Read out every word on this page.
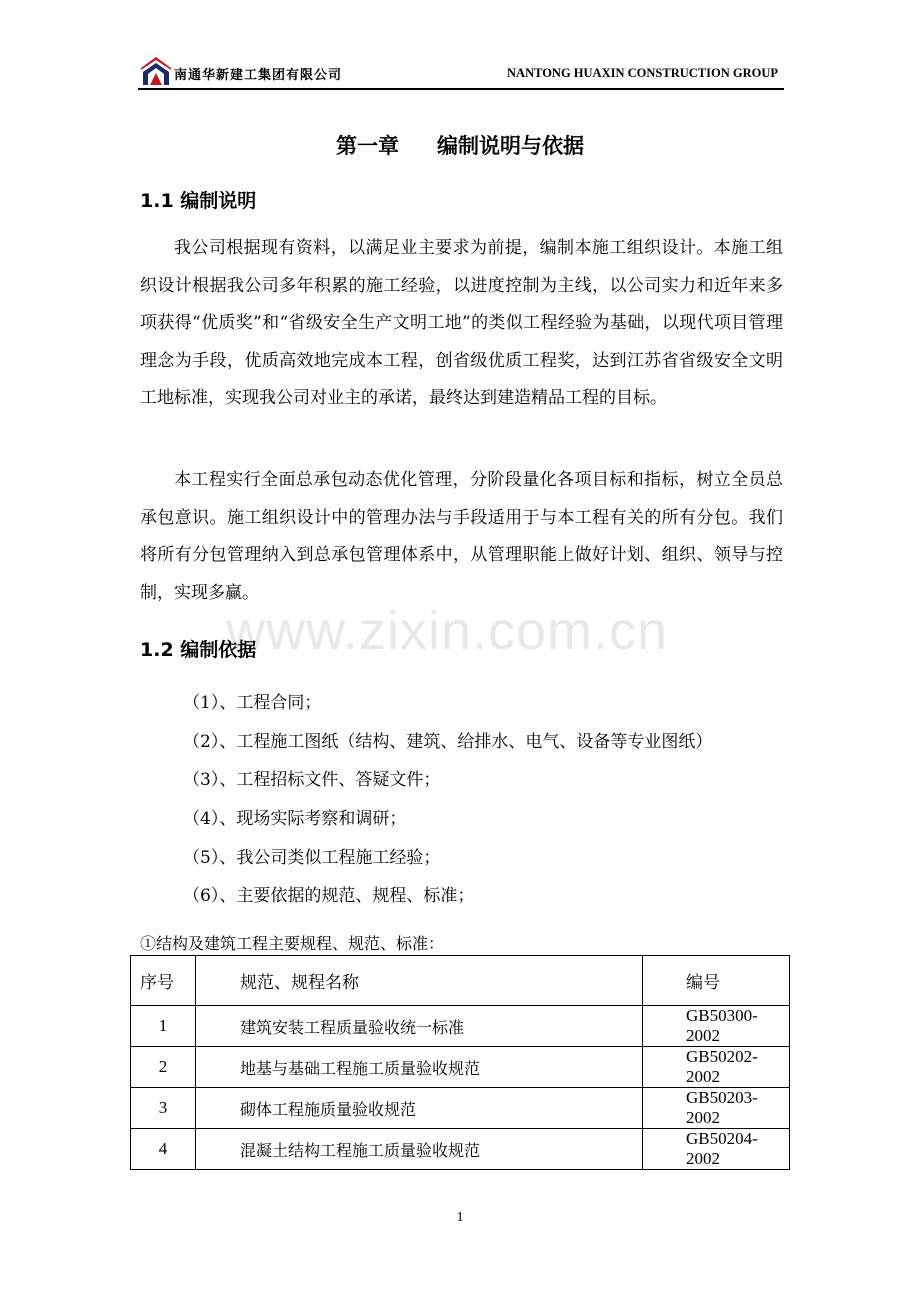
南通华新建工集团有限公司	NANTONG HUAXIN CONSTRUCTION GROUP
第一章 编制说明与依据
1.1 编制说明

我公司根据现有资料，以满足业主要求为前提，编制本施工组织设计。本施工组织设计根据我公司多年积累的施工经验，以进度控制为主线，以公司实力和近年来多项获得“优质奖”和“省级安全生产文明工地”的类似工程经验为基础，以现代项目管理理念为手段，优质高效地完成本工程，创省级优质工程奖，达到江苏省省级安全文明工地标准，实现我公司对业主的承诺，最终达到建造精品工程的目标。

本工程实行全面总承包动态优化管理，分阶段量化各项目标和指标，树立全员总承包意识。施工组织设计中的管理办法与手段适用于与本工程有关的所有分包。我们将所有分包管理纳入到总承包管理体系中，从管理职能上做好计划、组织、领导与控制，实现多赢。

1.2 编制依据
（1）、工程合同；
（2）、工程施工图纸（结构、建筑、给排水、电气、设备等专业图纸）
（3）、工程招标文件、答疑文件；
（4）、现场实际考察和调研；
（5）、我公司类似工程施工经验；
（6）、主要依据的规范、规程、标准；
①结构及建筑工程主要规程、规范、标准：
序号	规范、规程名称	编号
1	建筑安装工程质量验收统一标准	GB50300-2002
2	地基与基础工程施工质量验收规范	GB50202-2002
3	砌体工程施质量验收规范	GB50203-2002
4	混凝土结构工程施工质量验收规范	GB50204-2002
www.zixin.com.cn
1
